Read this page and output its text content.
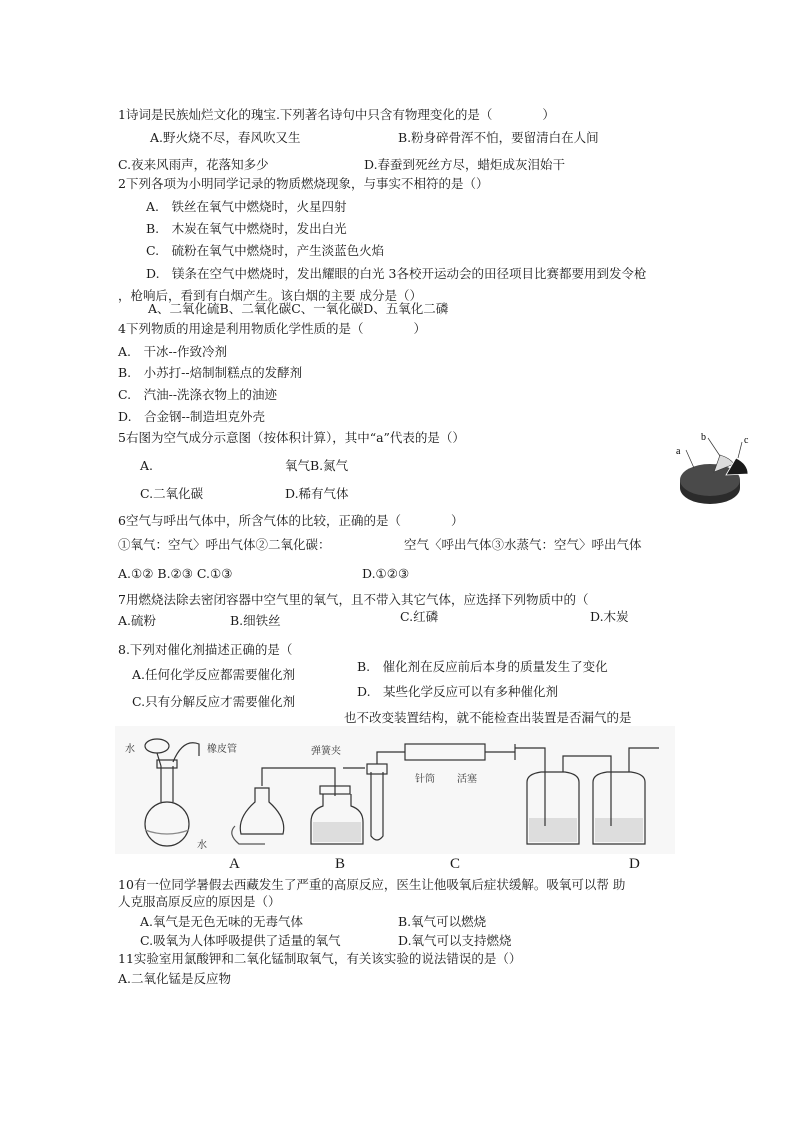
1诗词是民族灿烂文化的瑰宝.下列著名诗句中只含有物理变化的是（　　　　）
A.野火烧不尽，春风吹又生	B.粉身碎骨浑不怕，要留清白在人间
C.夜来风雨声，花落知多少	D.春蚕到死丝方尽，蜡炬成灰泪始干
2下列各项为小明同学记录的物质燃烧现象，与事实不相符的是（）
A.　铁丝在氧气中燃烧时，火星四射
B.　木炭在氧气中燃烧时，发出白光
C.　硫粉在氧气中燃烧时，产生淡蓝色火焰
D.　镁条在空气中燃烧时，发出耀眼的白光 3各校开运动会的田径项目比赛都要用到发令枪
，枪响后，看到有白烟产生。该白烟的主要 成分是（）
A、二氧化硫B、二氧化碳C、一氧化碳D、五氧化二磷
4下列物质的用途是利用物质化学性质的是（　　　　）
A.　干冰--作致冷剂
B.　小苏打--焙制制糕点的发酵剂
C.　汽油--洗涤衣物上的油迹
D.　合金钢--制造坦克外壳
5右图为空气成分示意图（按体积计算），其中“a”代表的是（）
A.	氧气B.氮气
C.二氧化碳	D.稀有气体
a
b	c
6空气与呼出气体中，所含气体的比较，正确的是（　　　　）
①氧气：空气〉呼出气体②二氧化碳：	空气〈呼出气体③水蒸气：空气〉呼出气体
A.①② B.②③ C.①③	D.①②③
7用燃烧法除去密闭容器中空气里的氧气，且不带入其它气体，应选择下列物质中的（
A.硫粉	B.细铁丝	C.红磷	D.木炭
8.下列对催化剂描述正确的是（
A.任何化学反应都需要催化剂
B.　催化剂在反应前后本身的质量发生了变化
C.只有分解反应才需要催化剂
D.　某些化学反应可以有多种催化剂
也不改变装置结构，就不能检查出装置是否漏气的是
水	橡皮管
水
弹簧夹
针筒 活塞
A	B	C	D
10有一位同学暑假去西藏发生了严重的高原反应，医生让他吸氧后症状缓解。吸氧可以帮 助
人克服高原反应的原因是（）
A.氧气是无色无味的无毒气体	B.氧气可以燃烧
C.吸氧为人体呼吸提供了适量的氧气	D.氧气可以支持燃烧
11实验室用氯酸钾和二氧化锰制取氧气，有关该实验的说法错误的是（）
A.二氧化锰是反应物
